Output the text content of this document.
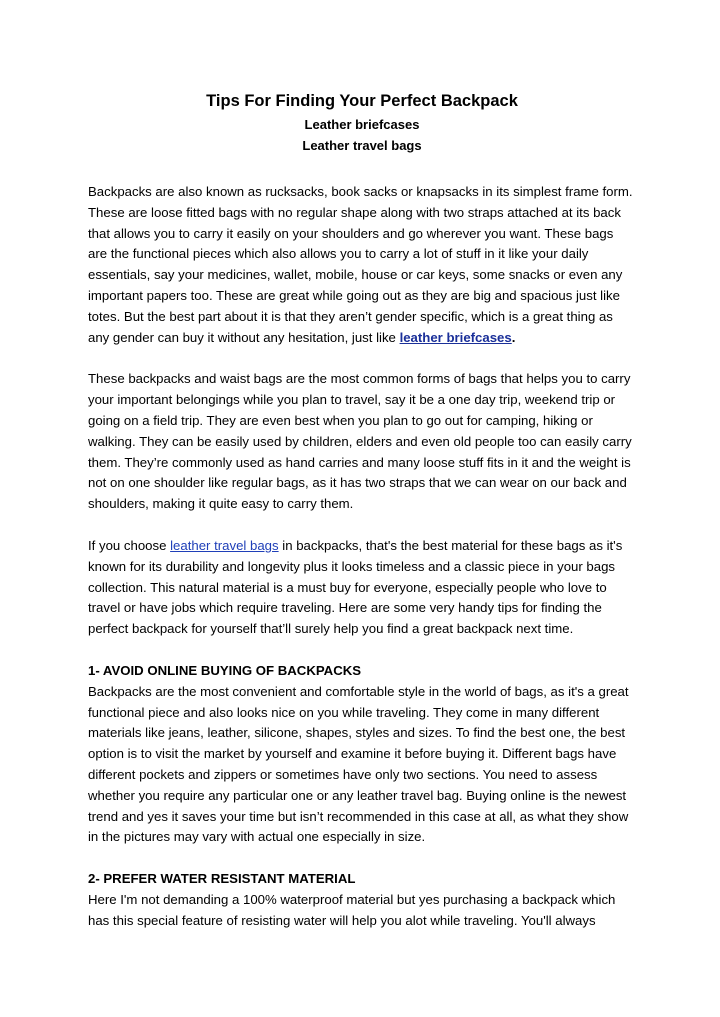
Tips For Finding Your Perfect Backpack

Leather briefcases

Leather travel bags

Backpacks are also known as rucksacks, book sacks or knapsacks in its simplest frame form. These are loose fitted bags with no regular shape along with two straps attached at its back that allows you to carry it easily on your shoulders and go wherever you want. These bags are the functional pieces which also allows you to carry a lot of stuff in it like your daily essentials, say your medicines, wallet, mobile, house or car keys, some snacks or even any important papers too. These are great while going out as they are big and spacious just like totes. But the best part about it is that they aren’t gender specific, which is a great thing as any gender can buy it without any hesitation, just like leather briefcases.

These backpacks and waist bags are the most common forms of bags that helps you to carry your important belongings while you plan to travel, say it be a one day trip, weekend trip or going on a field trip. They are even best when you plan to go out for camping, hiking or walking. They can be easily used by children, elders and even old people too can easily carry them. They’re commonly used as hand carries and many loose stuff fits in it and the weight is not on one shoulder like regular bags, as it has two straps that we can wear on our back and shoulders, making it quite easy to carry them.

If you choose leather travel bags in backpacks, that's the best material for these bags as it's known for its durability and longevity plus it looks timeless and a classic piece in your bags collection. This natural material is a must buy for everyone, especially people who love to travel or have jobs which require traveling. Here are some very handy tips for finding the perfect backpack for yourself that’ll surely help you find a great backpack next time.

1- AVOID ONLINE BUYING OF BACKPACKS

Backpacks are the most convenient and comfortable style in the world of bags, as it's a great functional piece and also looks nice on you while traveling. They come in many different materials like jeans, leather, silicone, shapes, styles and sizes. To find the best one, the best option is to visit the market by yourself and examine it before buying it. Different bags have different pockets and zippers or sometimes have only two sections. You need to assess whether you require any particular one or any leather travel bag. Buying online is the newest trend and yes it saves your time but isn’t recommended in this case at all, as what they show in the pictures may vary with actual one especially in size.

2- PREFER WATER RESISTANT MATERIAL

Here I'm not demanding a 100% waterproof material but yes purchasing a backpack which has this special feature of resisting water will help you alot while traveling. You'll always
